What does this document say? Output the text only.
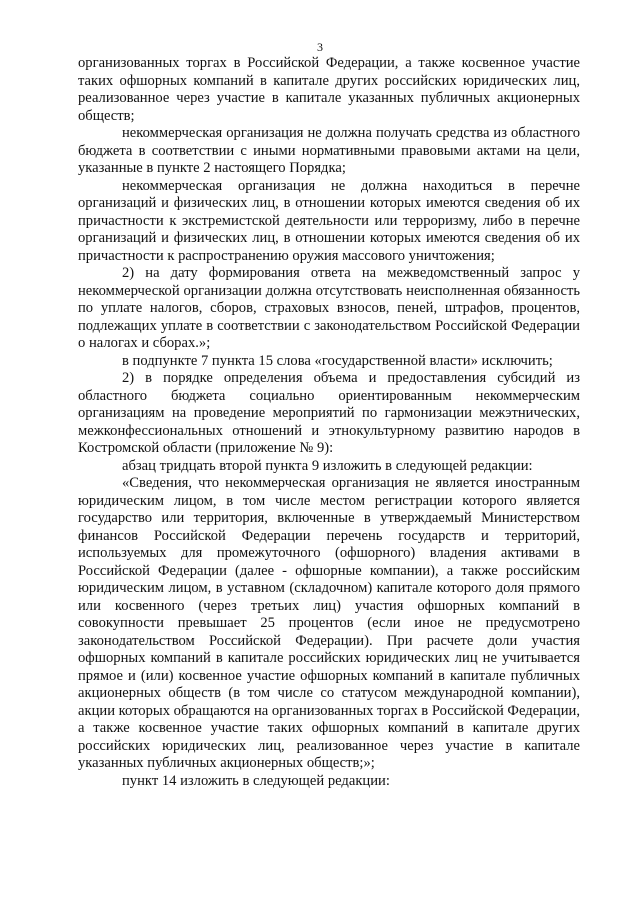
3

организованных торгах в Российской Федерации, а также косвенное участие таких офшорных компаний в капитале других российских юридических лиц, реализованное через участие в капитале указанных публичных акционерных обществ;

некоммерческая организация не должна получать средства из областного бюджета в соответствии с иными нормативными правовыми актами на цели, указанные в пункте 2 настоящего Порядка;

некоммерческая организация не должна находиться в перечне организаций и физических лиц, в отношении которых имеются сведения об их причастности к экстремистской деятельности или терроризму, либо в перечне организаций и физических лиц, в отношении которых имеются сведения об их причастности к распространению оружия массового уничтожения;

2) на дату формирования ответа на межведомственный запрос у некоммерческой организации должна отсутствовать неисполненная обязанность по уплате налогов, сборов, страховых взносов, пеней, штрафов, процентов, подлежащих уплате в соответствии с законодательством Российской Федерации о налогах и сборах.»;

в подпункте 7 пункта 15 слова «государственной власти» исключить;

2) в порядке определения объема и предоставления субсидий из областного бюджета социально ориентированным некоммерческим организациям на проведение мероприятий по гармонизации межэтнических, межконфессиональных отношений и этнокультурному развитию народов в Костромской области (приложение № 9):

абзац тридцать второй пункта 9 изложить в следующей редакции:

«Сведения, что некоммерческая организация не является иностранным юридическим лицом, в том числе местом регистрации которого является государство или территория, включенные в утверждаемый Министерством финансов Российской Федерации перечень государств и территорий, используемых для промежуточного (офшорного) владения активами в Российской Федерации (далее - офшорные компании), а также российским юридическим лицом, в уставном (складочном) капитале которого доля прямого или косвенного (через третьих лиц) участия офшорных компаний в совокупности превышает 25 процентов (если иное не предусмотрено законодательством Российской Федерации). При расчете доли участия офшорных компаний в капитале российских юридических лиц не учитывается прямое и (или) косвенное участие офшорных компаний в капитале публичных акционерных обществ (в том числе со статусом международной компании), акции которых обращаются на организованных торгах в Российской Федерации, а также косвенное участие таких офшорных компаний в капитале других российских юридических лиц, реализованное через участие в капитале указанных публичных акционерных обществ;»;

пункт 14 изложить в следующей редакции:
